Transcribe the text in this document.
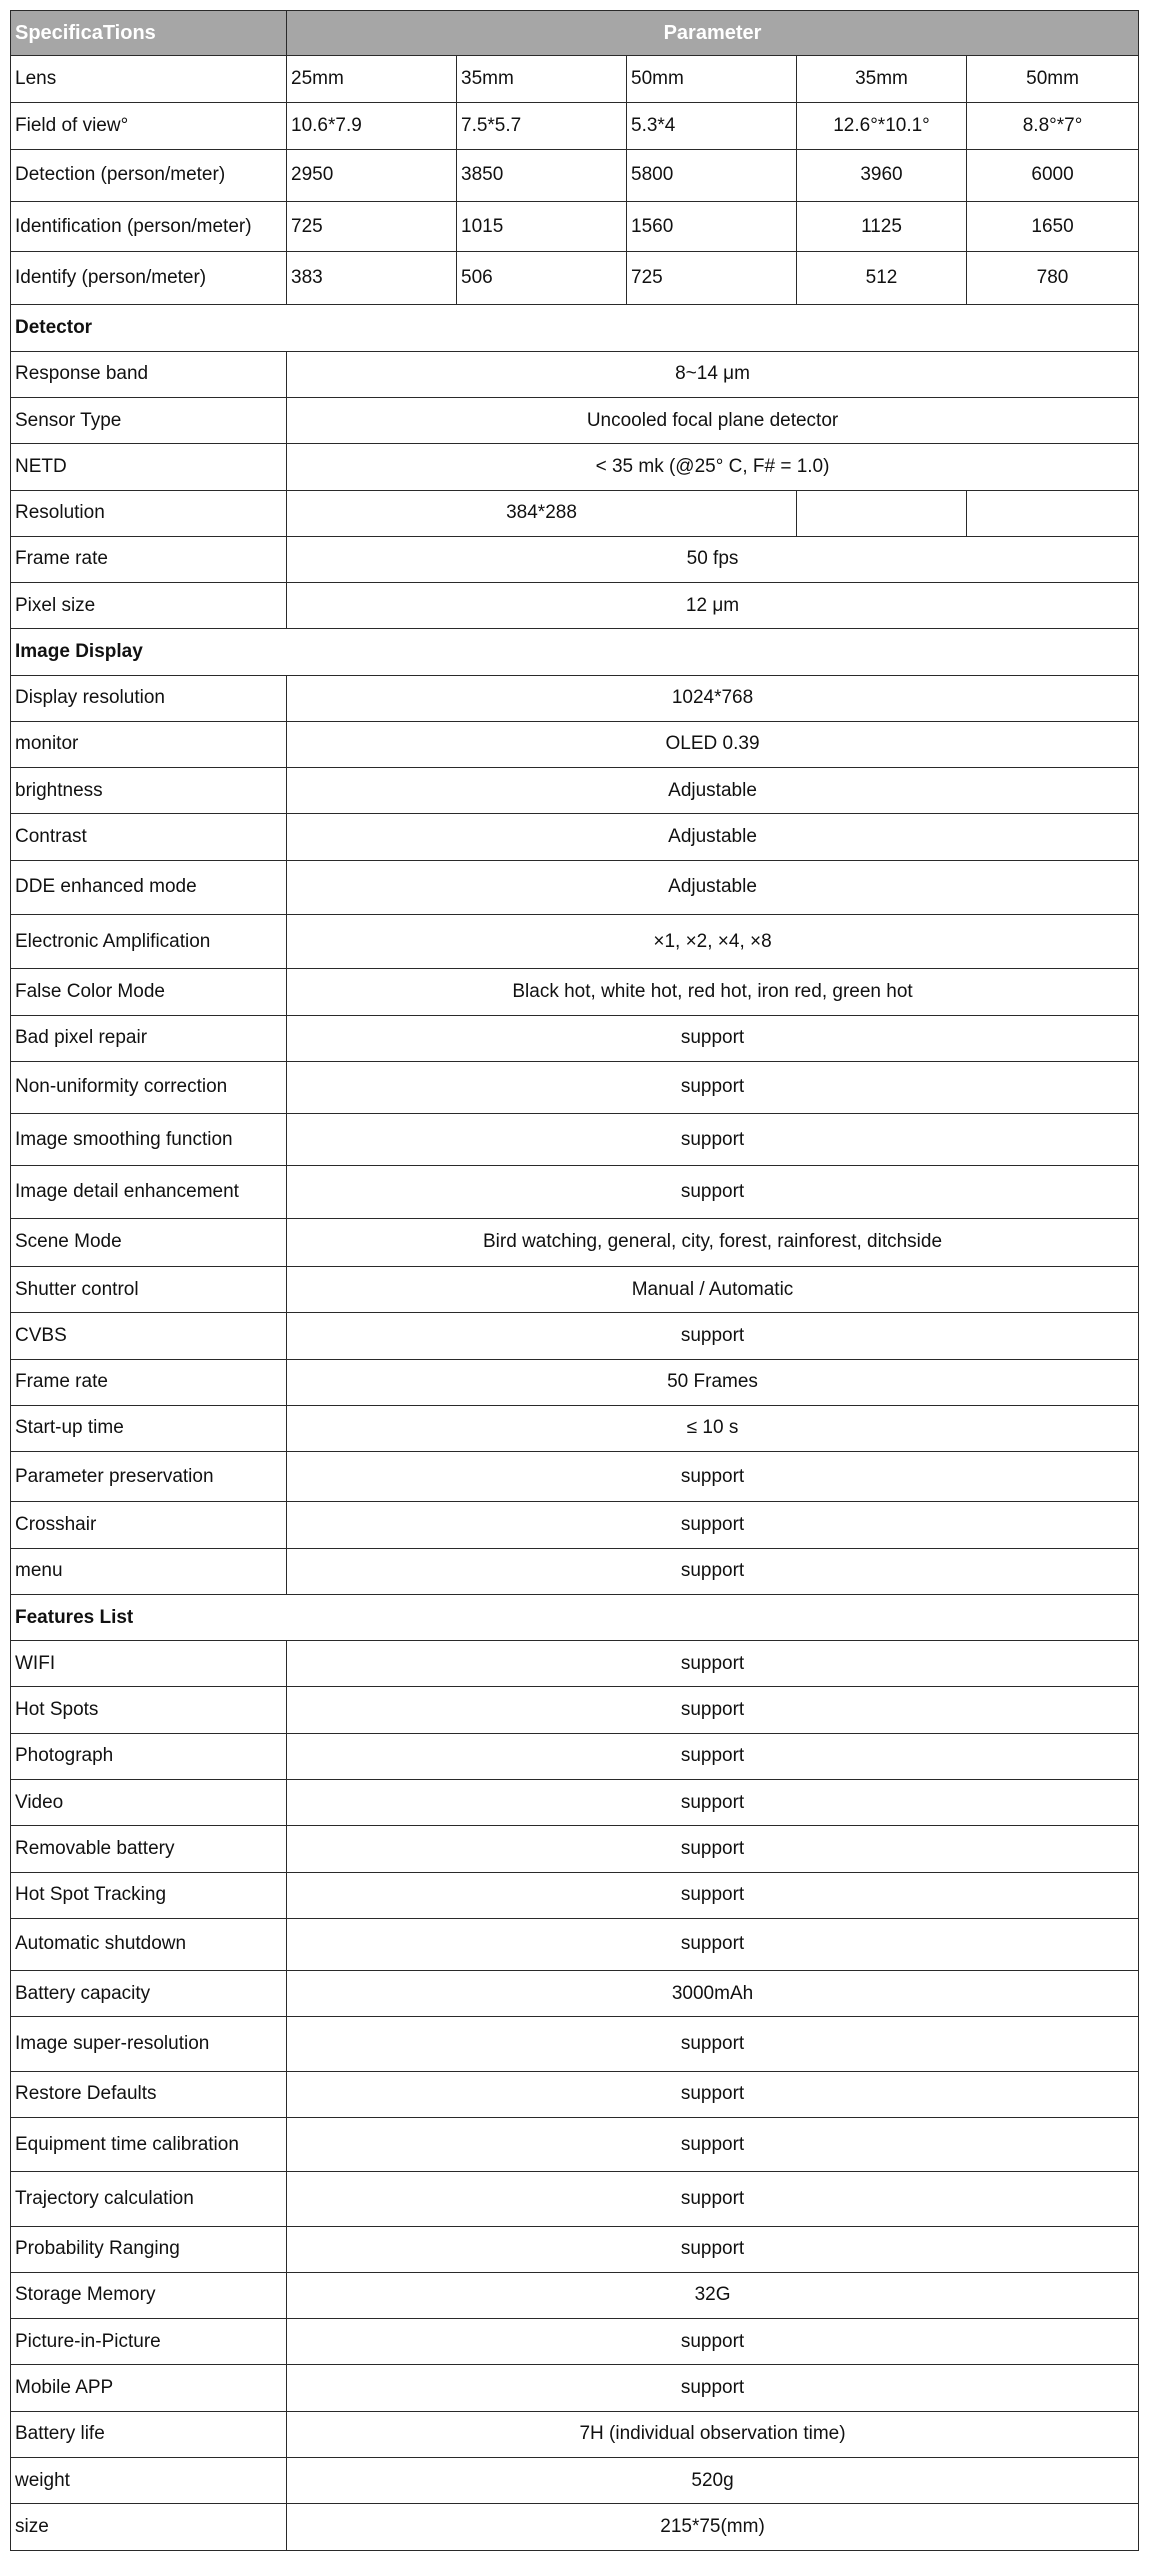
SpecificaTions	Parameter				
Lens	25mm	35mm	50mm	35mm	50mm
Field of view°	10.6*7.9	7.5*5.7	5.3*4	12.6°*10.1°	8.8°*7°
Detection (person/meter)	2950	3850	5800	3960	6000
Identification (person/meter)	725	1015	1560	1125	1650
Identify (person/meter)	383	506	725	512	780
Detector					
Response band	8~14 μm				
Sensor Type	Uncooled focal plane detector				
NETD	< 35 mk (@25° C, F# = 1.0)				
Resolution	384*288				
Frame rate	50 fps				
Pixel size	12 μm				
Image Display					
Display resolution	1024*768				
monitor	OLED 0.39				
brightness	Adjustable				
Contrast	Adjustable				
DDE enhanced mode	Adjustable				
Electronic Amplification	×1, ×2, ×4, ×8				
False Color Mode	Black hot, white hot, red hot, iron red, green hot				
Bad pixel repair	support				
Non-uniformity correction	support				
Image smoothing function	support				
Image detail enhancement	support				
Scene Mode	Bird watching, general, city, forest, rainforest, ditchside				
Shutter control	Manual / Automatic				
CVBS	support				
Frame rate	50 Frames				
Start-up time	≤ 10 s				
Parameter preservation	support				
Crosshair	support				
menu	support				
Features List					
WIFI	support				
Hot Spots	support				
Photograph	support				
Video	support				
Removable battery	support				
Hot Spot Tracking	support				
Automatic shutdown	support				
Battery capacity	3000mAh				
Image super-resolution	support				
Restore Defaults	support				
Equipment time calibration	support				
Trajectory calculation	support				
Probability Ranging	support				
Storage Memory	32G				
Picture-in-Picture	support				
Mobile APP	support				
Battery life	7H (individual observation time)				
weight	520g				
size	215*75(mm)				
